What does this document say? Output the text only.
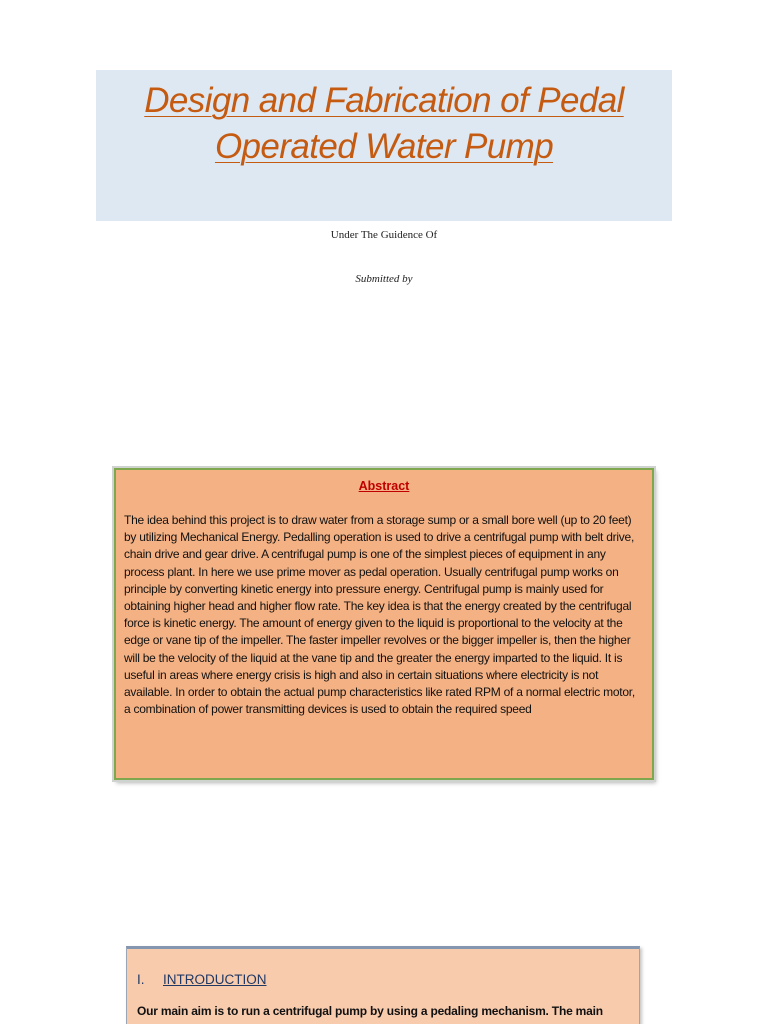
Design and Fabrication of Pedal Operated Water Pump
Under The Guidence Of
Submitted by
Abstract

The idea behind this project is to draw water from a storage sump or a small bore well (up to 20 feet) by utilizing Mechanical Energy. Pedalling operation is used to drive a centrifugal pump with belt drive, chain drive and gear drive. A centrifugal pump is one of the simplest pieces of equipment in any process plant. In here we use prime mover as pedal operation. Usually centrifugal pump works on principle by converting kinetic energy into pressure energy. Centrifugal pump is mainly used for obtaining higher head and higher flow rate. The key idea is that the energy created by the centrifugal force is kinetic energy. The amount of energy given to the liquid is proportional to the velocity at the edge or vane tip of the impeller. The faster impeller revolves or the bigger impeller is, then the higher will be the velocity of the liquid at the vane tip and the greater the energy imparted to the liquid. It is useful in areas where energy crisis is high and also in certain situations where electricity is not available. In order to obtain the actual pump characteristics like rated RPM of a normal electric motor, a combination of power transmitting devices is used to obtain the required speed

I.	INTRODUCTION

Our main aim is to run a centrifugal pump by using a pedaling mechanism. The main
